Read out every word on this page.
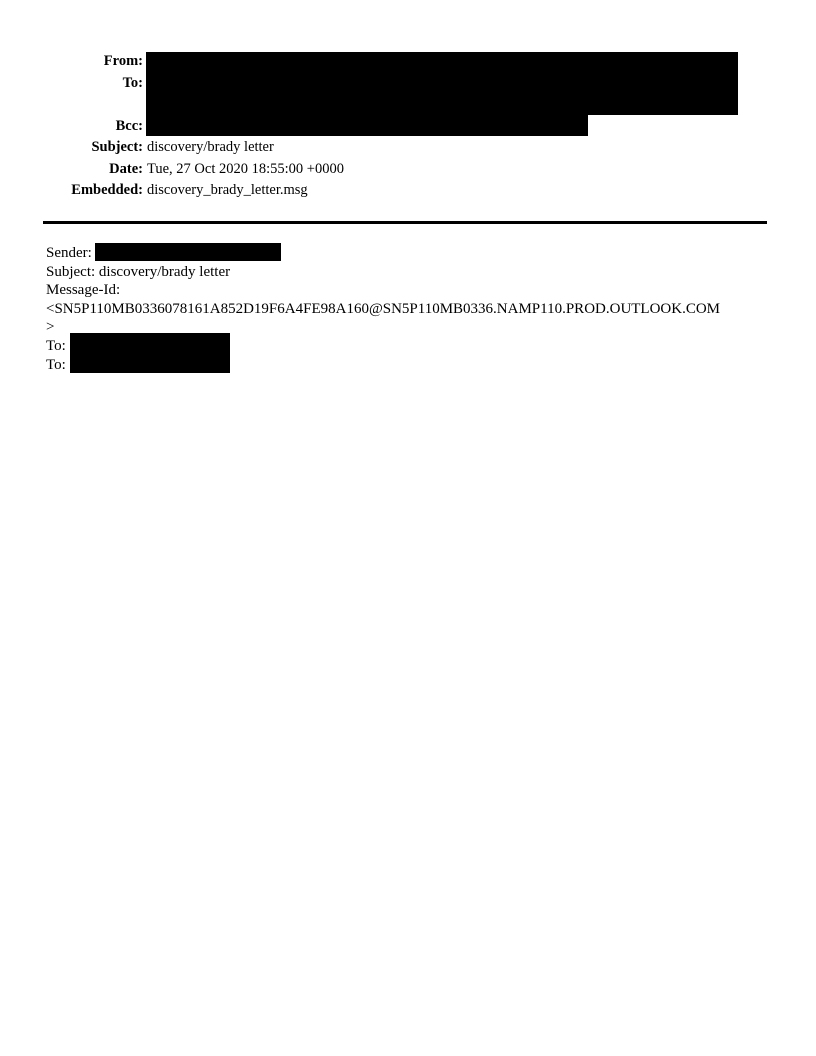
From:
To:
Bcc:
Subject: discovery/brady letter
Date: Tue, 27 Oct 2020 18:55:00 +0000
Embedded: discovery_brady_letter.msg
Sender:
Subject: discovery/brady letter
Message-Id:
<SN5P110MB0336078161A852D19F6A4FE98A160@SN5P110MB0336.NAMP110.PROD.OUTLOOK.COM
>
To:
To:
